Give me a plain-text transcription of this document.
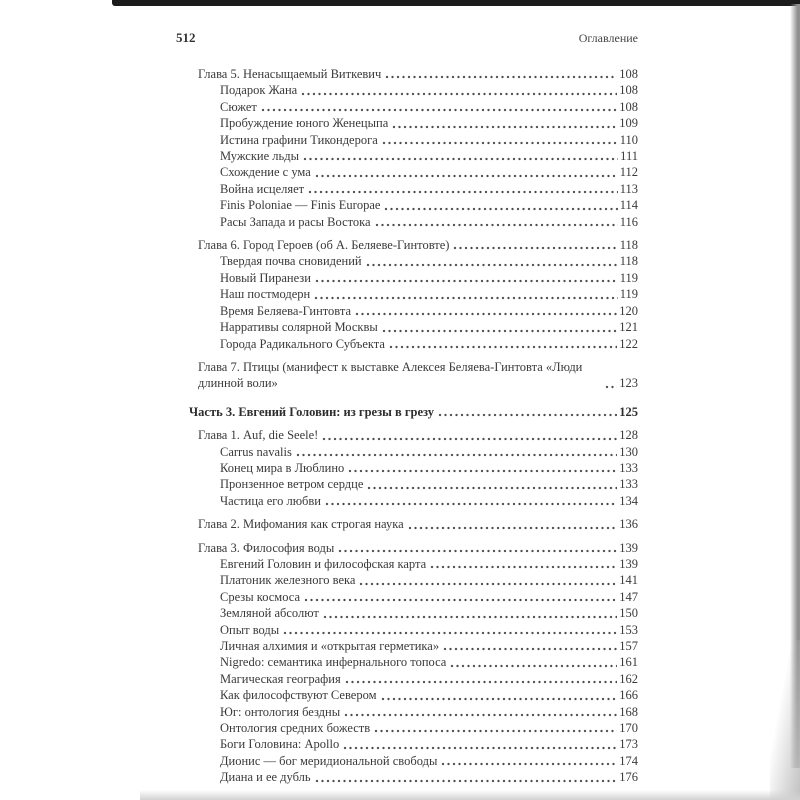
512	Оглавление
Глава 5. Ненасыщаемый Виткевич	108
Подарок Жана	108
Сюжет	108
Пробуждение юного Женецыпа	109
Истина графини Тикондерога	110
Мужские льды	111
Схождение с ума	112
Война исцеляет	113
Finis Poloniae — Finis Europae	114
Расы Запада и расы Востока	116
Глава 6. Город Героев (об А. Беляеве-Гинтовте)	118
Твердая почва сновидений	118
Новый Пиранези	119
Наш постмодерн	119
Время Беляева-Гинтовта	120
Нарративы солярной Москвы	121
Города Радикального Субъекта	122
Глава 7. Птицы (манифест к выставке Алексея Беляева-Гинтовта «Люди длинной воли»	123
Часть 3. Евгений Головин: из грезы в грезу	125
Глава 1. Auf, die Seele!	128
Carrus navalis	130
Конец мира в Люблино	133
Пронзенное ветром сердце	133
Частица его любви	134
Глава 2. Мифомания как строгая наука	136
Глава 3. Философия воды	139
Евгений Головин и философская карта	139
Платоник железного века	141
Срезы космоса	147
Земляной абсолют	150
Опыт воды	153
Личная алхимия и «открытая герметика»	157
Nigredo: семантика инфернального топоса	161
Магическая география	162
Как философствуют Севером	166
Юг: онтология бездны	168
Онтология средних божеств	170
Боги Головина: Apollo	173
Дионис — бог меридиональной свободы	174
Диана и ее дубль	176
